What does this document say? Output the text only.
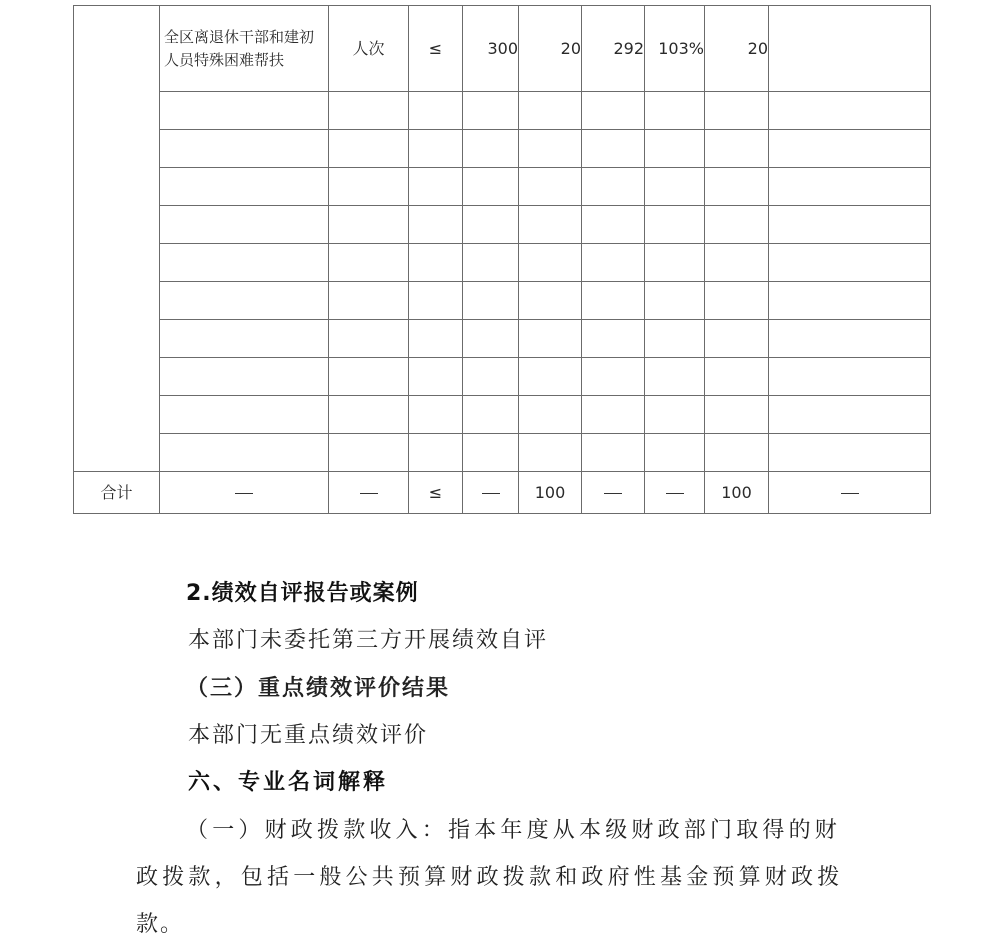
	全区离退休干部和建初人员特殊困难帮扶	人次	≤	300	20	292	103%	20	

合计			≤		100			100	
2.绩效自评报告或案例

本部门未委托第三方开展绩效自评

（三）重点绩效评价结果

本部门无重点绩效评价

六、专业名词解释

（一）财政拨款收入：指本年度从本级财政部门取得的财

政拨款，包括一般公共预算财政拨款和政府性基金预算财政拨

款。
